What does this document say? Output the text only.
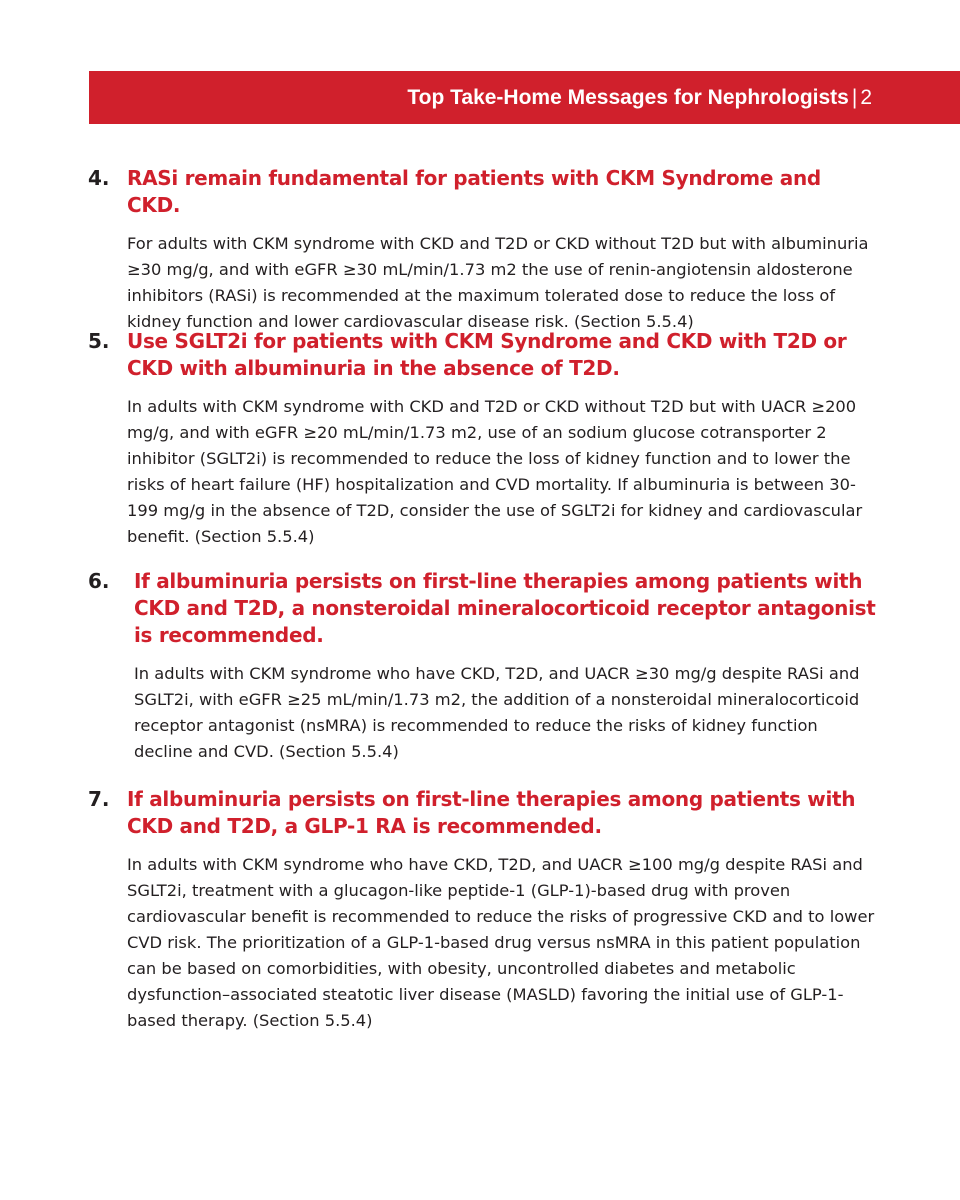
Top Take-Home Messages for Nephrologists | 2
4. RASi remain fundamental for patients with CKM Syndrome and CKD.
For adults with CKM syndrome with CKD and T2D or CKD without T2D but with albuminuria ≥30 mg/g, and with eGFR ≥30 mL/min/1.73 m2 the use of renin-angiotensin aldosterone inhibitors (RASi) is recommended at the maximum tolerated dose to reduce the loss of kidney function and lower cardiovascular disease risk. (Section 5.5.4)
5. Use SGLT2i for patients with CKM Syndrome and CKD with T2D or CKD with albuminuria in the absence of T2D.
In adults with CKM syndrome with CKD and T2D or CKD without T2D but with UACR ≥200 mg/g, and with eGFR ≥20 mL/min/1.73 m2, use of an sodium glucose cotransporter 2 inhibitor (SGLT2i) is recommended to reduce the loss of kidney function and to lower the risks of heart failure (HF) hospitalization and CVD mortality. If albuminuria is between 30-199 mg/g in the absence of T2D, consider the use of SGLT2i for kidney and cardiovascular benefit. (Section 5.5.4)
6. If albuminuria persists on first-line therapies among patients with CKD and T2D, a nonsteroidal mineralocorticoid receptor antagonist is recommended.
In adults with CKM syndrome who have CKD, T2D, and UACR ≥30 mg/g despite RASi and SGLT2i, with eGFR ≥25 mL/min/1.73 m2, the addition of a nonsteroidal mineralocorticoid receptor antagonist (nsMRA) is recommended to reduce the risks of kidney function decline and CVD. (Section 5.5.4)
7. If albuminuria persists on first-line therapies among patients with CKD and T2D, a GLP-1 RA is recommended.
In adults with CKM syndrome who have CKD, T2D, and UACR ≥100 mg/g despite RASi and SGLT2i, treatment with a glucagon-like peptide-1 (GLP-1)-based drug with proven cardiovascular benefit is recommended to reduce the risks of progressive CKD and to lower CVD risk. The prioritization of a GLP-1-based drug versus nsMRA in this patient population can be based on comorbidities, with obesity, uncontrolled diabetes and metabolic dysfunction–associated steatotic liver disease (MASLD) favoring the initial use of GLP-1-based therapy. (Section 5.5.4)
